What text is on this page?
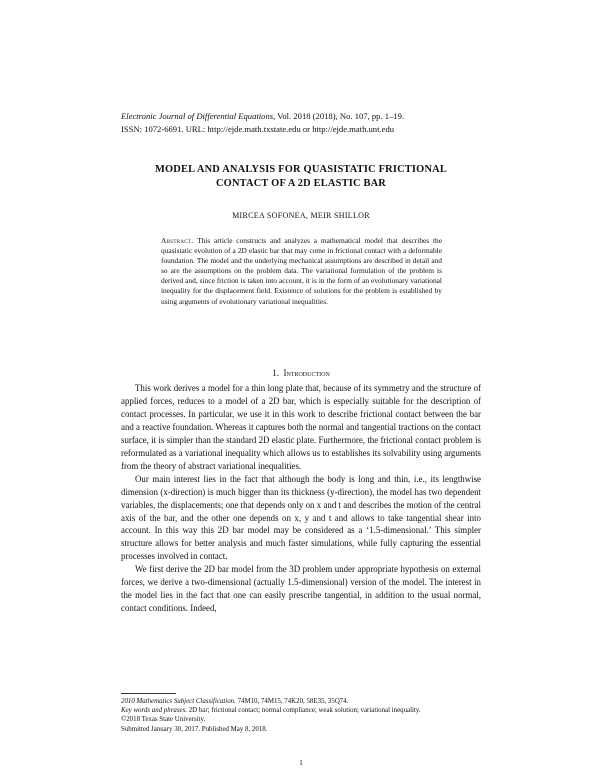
Electronic Journal of Differential Equations, Vol. 2018 (2018), No. 107, pp. 1–19.
ISSN: 1072-6691. URL: http://ejde.math.txstate.edu or http://ejde.math.unt.edu
MODEL AND ANALYSIS FOR QUASISTATIC FRICTIONAL
CONTACT OF A 2D ELASTIC BAR
MIRCEA SOFONEA, MEIR SHILLOR
Abstract. This article constructs and analyzes a mathematical model that describes the quasistatic evolution of a 2D elastic bar that may come in frictional contact with a deformable foundation. The model and the underlying mechanical assumptions are described in detail and so are the assumptions on the problem data. The variational formulation of the problem is derived and, since friction is taken into account, it is in the form of an evolutionary variational inequality for the displacement field. Existence of solutions for the problem is established by using arguments of evolutionary variational inequalities.
1. Introduction

This work derives a model for a thin long plate that, because of its symmetry and the structure of applied forces, reduces to a model of a 2D bar, which is especially suitable for the description of contact processes. In particular, we use it in this work to describe frictional contact between the bar and a reactive foundation. Whereas it captures both the normal and tangential tractions on the contact surface, it is simpler than the standard 2D elastic plate. Furthermore, the frictional contact problem is reformulated as a variational inequality which allows us to establishes its solvability using arguments from the theory of abstract variational inequalities.

Our main interest lies in the fact that although the body is long and thin, i.e., its lengthwise dimension (x-direction) is much bigger than its thickness (y-direction), the model has two dependent variables, the displacements; one that depends only on x and t and describes the motion of the central axis of the bar, and the other one depends on x, y and t and allows to take tangential shear into account. In this way this 2D bar model may be considered as a ‘1.5-dimensional.’ This simpler structure allows for better analysis and much faster simulations, while fully capturing the essential processes involved in contact.

We first derive the 2D bar model from the 3D problem under appropriate hypothesis on external forces, we derive a two-dimensional (actually 1.5-dimensional) version of the model. The interest in the model lies in the fact that one can easily prescribe tangential, in addition to the usual normal, contact conditions. Indeed,

2010 Mathematics Subject Classification. 74M10, 74M15, 74K20, 58E35, 35Q74.
Key words and phrases. 2D bar; frictional contact; normal compliance; weak solution; variational inequality.
©2018 Texas State University.
Submitted January 30, 2017. Published May 8, 2018.
1
